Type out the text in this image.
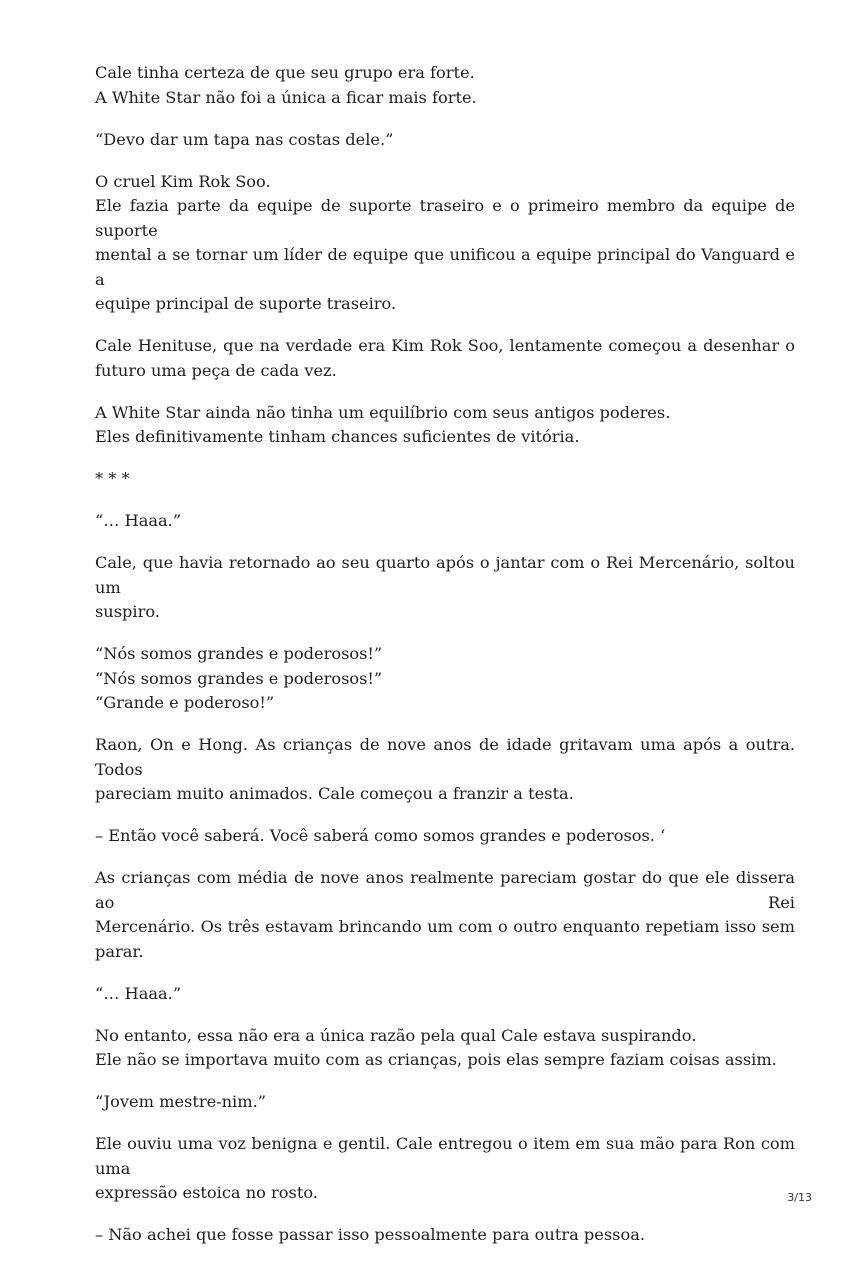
Cale tinha certeza de que seu grupo era forte.
A White Star não foi a única a ficar mais forte.

“Devo dar um tapa nas costas dele.”

O cruel Kim Rok Soo.
Ele fazia parte da equipe de suporte traseiro e o primeiro membro da equipe de suporte
mental a se tornar um líder de equipe que unificou a equipe principal do Vanguard e a
equipe principal de suporte traseiro.

Cale Henituse, que na verdade era Kim Rok Soo, lentamente começou a desenhar o
futuro uma peça de cada vez.

A White Star ainda não tinha um equilíbrio com seus antigos poderes.
Eles definitivamente tinham chances suficientes de vitória.

* * *

“… Haaa.”

Cale, que havia retornado ao seu quarto após o jantar com o Rei Mercenário, soltou um
suspiro.

“Nós somos grandes e poderosos!”
“Nós somos grandes e poderosos!”
“Grande e poderoso!”

Raon, On e Hong. As crianças de nove anos de idade gritavam uma após a outra. Todos
pareciam muito animados. Cale começou a franzir a testa.

– Então você saberá. Você saberá como somos grandes e poderosos. ‘

As crianças com média de nove anos realmente pareciam gostar do que ele dissera ao Rei
Mercenário. Os três estavam brincando um com o outro enquanto repetiam isso sem
parar.

“… Haaa.”

No entanto, essa não era a única razão pela qual Cale estava suspirando.
Ele não se importava muito com as crianças, pois elas sempre faziam coisas assim.

“Jovem mestre-nim.”

Ele ouviu uma voz benigna e gentil. Cale entregou o item em sua mão para Ron com uma
expressão estoica no rosto.

– Não achei que fosse passar isso pessoalmente para outra pessoa.

3/13
